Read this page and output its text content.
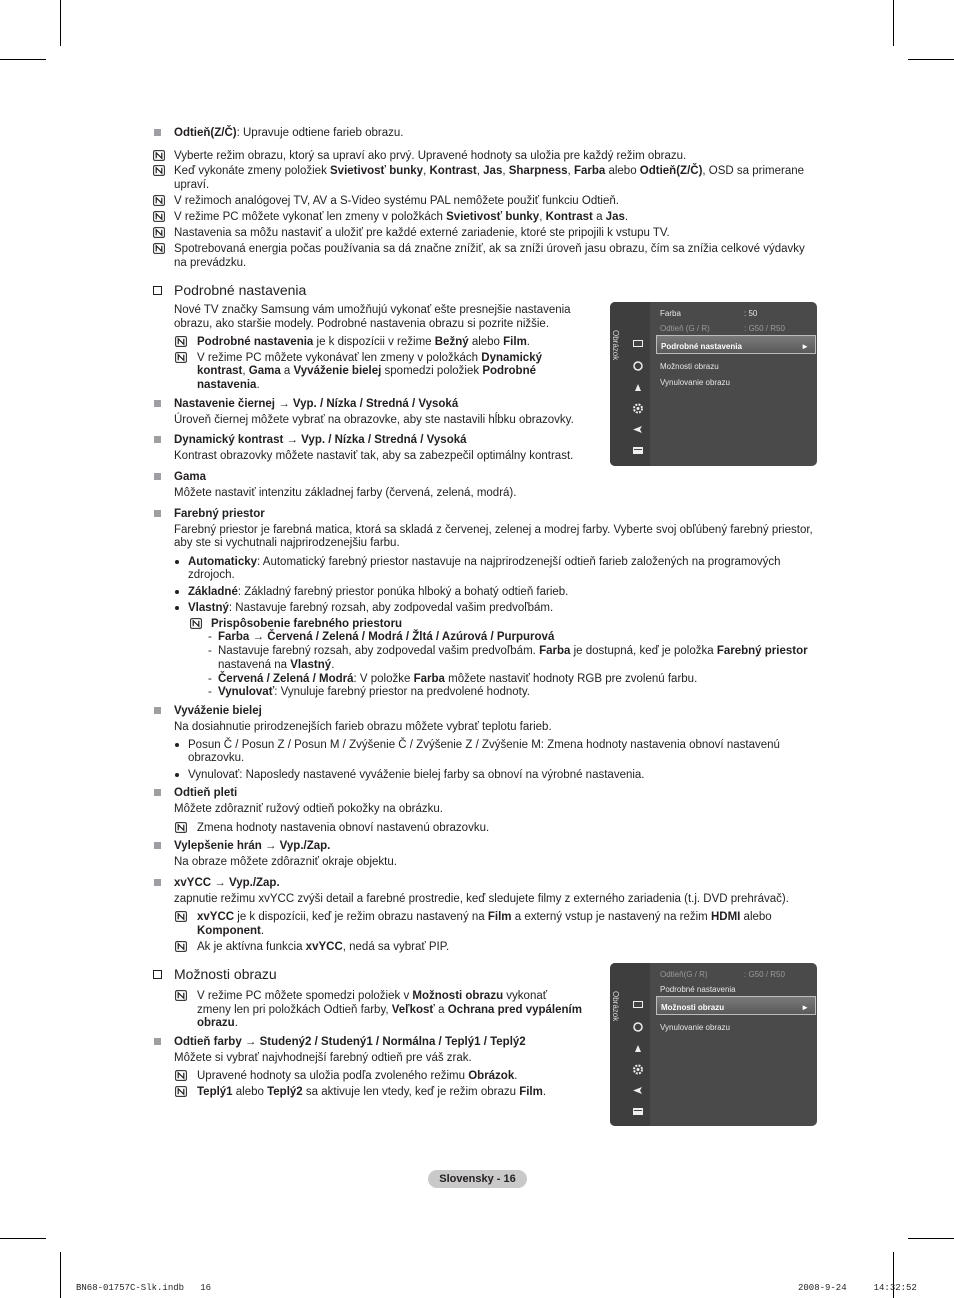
Odtieň(Z/Č): Upravuje odtiene farieb obrazu.
Vyberte režim obrazu, ktorý sa upraví ako prvý. Upravené hodnoty sa uložia pre každý režim obrazu.
Keď vykonáte zmeny položiek Svietivosť bunky, Kontrast, Jas, Sharpness, Farba alebo Odtieň(Z/Č), OSD sa primerane
upraví.
V režimoch analógovej TV, AV a S-Video systému PAL nemôžete použiť funkciu Odtieň.
V režime PC môžete vykonať len zmeny v položkách Svietivosť bunky, Kontrast a Jas.
Nastavenia sa môžu nastaviť a uložiť pre každé externé zariadenie, ktoré ste pripojili k vstupu TV.
Spotrebovaná energia počas používania sa dá značne znížiť, ak sa zníži úroveň jasu obrazu, čím sa znížia celkové výdavky
na prevádzku.
Podrobné nastavenia
Nové TV značky Samsung vám umožňujú vykonať ešte presnejšie nastavenia
obrazu, ako staršie modely. Podrobné nastavenia obrazu si pozrite nižšie.
Podrobné nastavenia je k dispozícii v režime Bežný alebo Film.
V režime PC môžete vykonávať len zmeny v položkách Dynamický
kontrast, Gama a Vyváženie bielej spomedzi položiek Podrobné
nastavenia.
Nastavenie čiernej → Vyp. / Nízka / Stredná / Vysoká
Úroveň čiernej môžete vybrať na obrazovke, aby ste nastavili hĺbku obrazovky.
Dynamický kontrast → Vyp. / Nízka / Stredná / Vysoká
Kontrast obrazovky môžete nastaviť tak, aby sa zabezpečil optimálny kontrast.
Gama
Môžete nastaviť intenzitu základnej farby (červená, zelená, modrá).
Farebný priestor
Farebný priestor je farebná matica, ktorá sa skladá z červenej, zelenej a modrej farby. Vyberte svoj obľúbený farebný priestor,
aby ste si vychutnali najprirodzenejšiu farbu.
Automaticky: Automatický farebný priestor nastavuje na najprirodzenejší odtieň farieb založených na programových
zdrojoch.
Základné: Základný farebný priestor ponúka hlboký a bohatý odtieň farieb.
Vlastný: Nastavuje farebný rozsah, aby zodpovedal vašim predvoľbám.
Prispôsobenie farebného priestoru
- Farba → Červená / Zelená / Modrá / Žltá / Azúrová / Purpurová
- Nastavuje farebný rozsah, aby zodpovedal vašim predvoľbám. Farba je dostupná, keď je položka Farebný priestor
nastavená na Vlastný.
- Červená / Zelená / Modrá: V položke Farba môžete nastaviť hodnoty RGB pre zvolenú farbu.
- Vynulovať: Vynuluje farebný priestor na predvolené hodnoty.
Vyváženie bielej
Na dosiahnutie prirodzenejších farieb obrazu môžete vybrať teplotu farieb.
Posun Č / Posun Z / Posun M / Zvýšenie Č / Zvýšenie Z / Zvýšenie M: Zmena hodnoty nastavenia obnoví nastavenú
obrazovku.
Vynulovať: Naposledy nastavené vyváženie bielej farby sa obnoví na výrobné nastavenia.
Odtieň pleti
Môžete zdôrazniť ružový odtieň pokožky na obrázku.
Zmena hodnoty nastavenia obnoví nastavenú obrazovku.
Vylepšenie hrán → Vyp./Zap.
Na obraze môžete zdôrazniť okraje objektu.
xvYCC → Vyp./Zap.
zapnutie režimu xvYCC zvýši detail a farebné prostredie, keď sledujete filmy z externého zariadenia (t.j. DVD prehrávač).
xvYCC je k dispozícii, keď je režim obrazu nastavený na Film a externý vstup je nastavený na režim HDMI alebo
Komponent.
Ak je aktívna funkcia xvYCC, nedá sa vybrať PIP.
Možnosti obrazu
V režime PC môžete spomedzi položiek v Možnosti obrazu vykonať
zmeny len pri položkách Odtieň farby, Veľkosť a Ochrana pred vypálením
obrazu.
Odtieň farby → Studený2 / Studený1 / Normálna / Teplý1 / Teplý2
Môžete si vybrať najvhodnejší farebný odtieň pre váš zrak.
Upravené hodnoty sa uložia podľa zvoleného režimu Obrázok.
Teplý1 alebo Teplý2 sa aktivuje len vtedy, keď je režim obrazu Film.
Obrázok
Farba	: 50
Odtieň (G / R)	: G50 / R50
Podrobné nastavenia	►
Možnosti obrazu
Vynulovanie obrazu
Obrázok
Odtieň(G / R)	: G50 / R50
Podrobné nastavenia
Možnosti obrazu	►
Vynulovanie obrazu
Slovensky - 16
BN68-01757C-Slk.indb   16	2008-9-24     14:32:52
